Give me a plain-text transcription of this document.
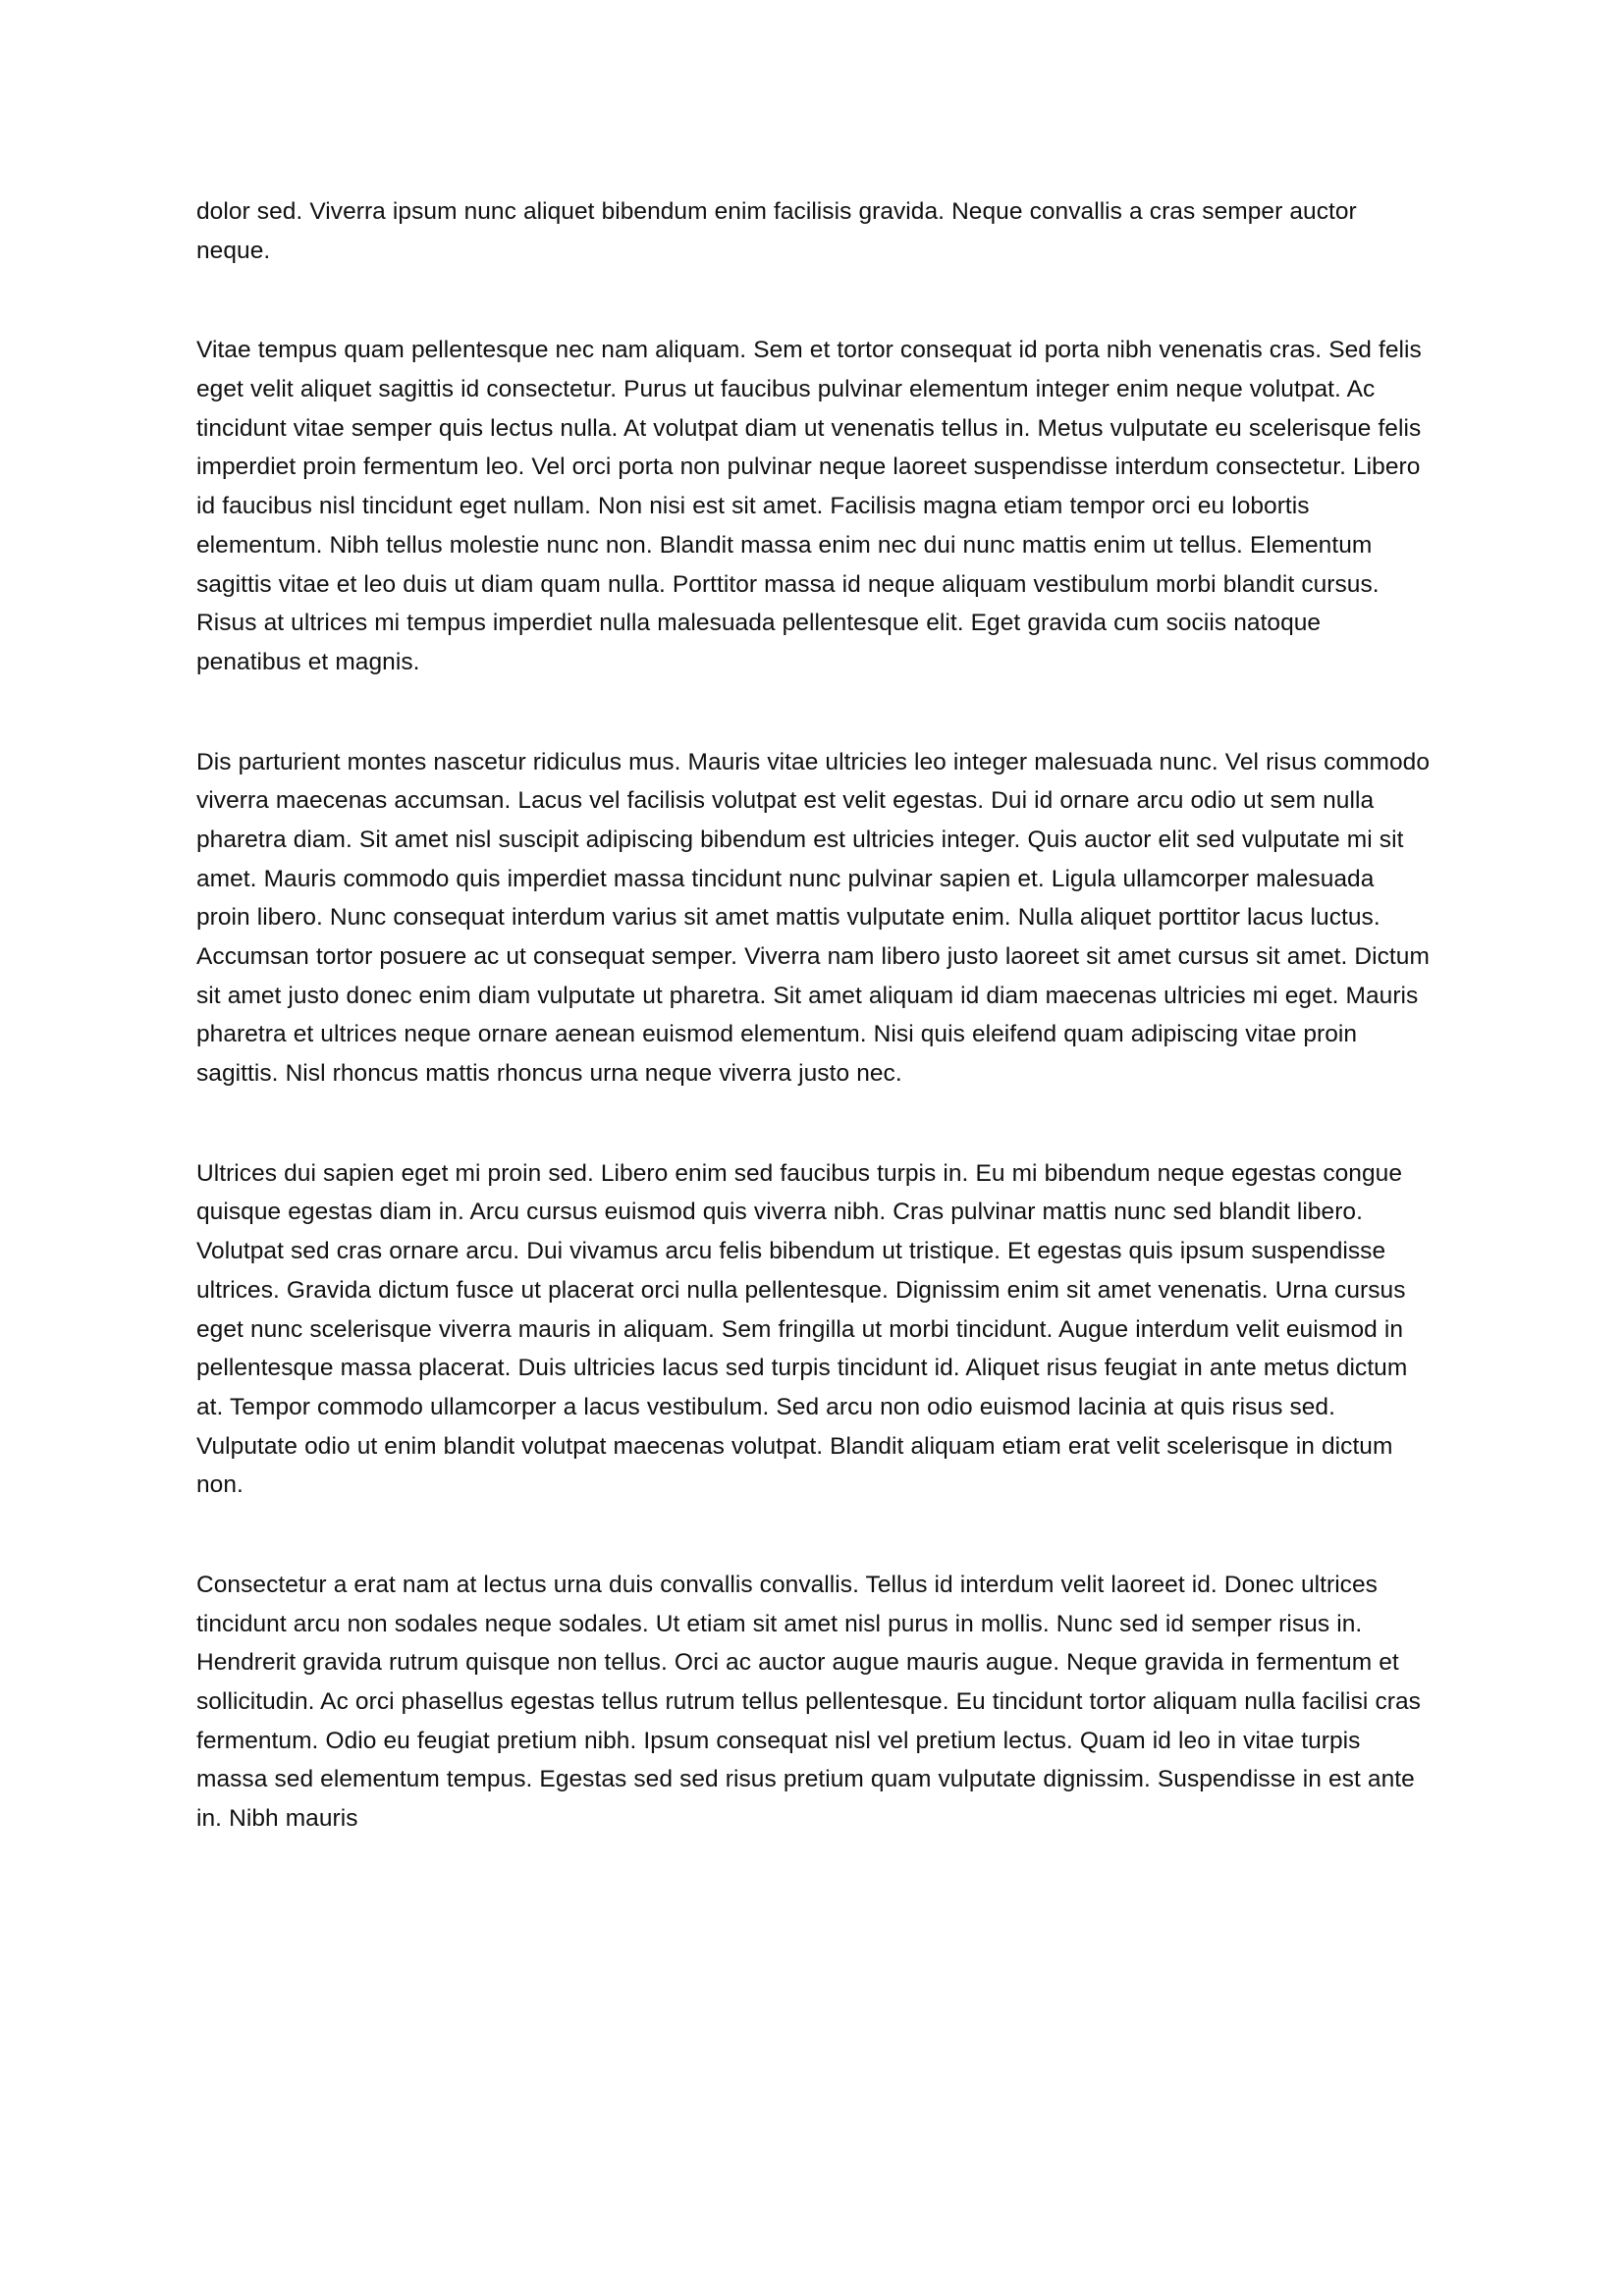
dolor sed. Viverra ipsum nunc aliquet bibendum enim facilisis gravida. Neque convallis a cras semper auctor neque.

Vitae tempus quam pellentesque nec nam aliquam. Sem et tortor consequat id porta nibh venenatis cras. Sed felis eget velit aliquet sagittis id consectetur. Purus ut faucibus pulvinar elementum integer enim neque volutpat. Ac tincidunt vitae semper quis lectus nulla. At volutpat diam ut venenatis tellus in. Metus vulputate eu scelerisque felis imperdiet proin fermentum leo. Vel orci porta non pulvinar neque laoreet suspendisse interdum consectetur. Libero id faucibus nisl tincidunt eget nullam. Non nisi est sit amet. Facilisis magna etiam tempor orci eu lobortis elementum. Nibh tellus molestie nunc non. Blandit massa enim nec dui nunc mattis enim ut tellus. Elementum sagittis vitae et leo duis ut diam quam nulla. Porttitor massa id neque aliquam vestibulum morbi blandit cursus. Risus at ultrices mi tempus imperdiet nulla malesuada pellentesque elit. Eget gravida cum sociis natoque penatibus et magnis.

Dis parturient montes nascetur ridiculus mus. Mauris vitae ultricies leo integer malesuada nunc. Vel risus commodo viverra maecenas accumsan. Lacus vel facilisis volutpat est velit egestas. Dui id ornare arcu odio ut sem nulla pharetra diam. Sit amet nisl suscipit adipiscing bibendum est ultricies integer. Quis auctor elit sed vulputate mi sit amet. Mauris commodo quis imperdiet massa tincidunt nunc pulvinar sapien et. Ligula ullamcorper malesuada proin libero. Nunc consequat interdum varius sit amet mattis vulputate enim. Nulla aliquet porttitor lacus luctus. Accumsan tortor posuere ac ut consequat semper. Viverra nam libero justo laoreet sit amet cursus sit amet. Dictum sit amet justo donec enim diam vulputate ut pharetra. Sit amet aliquam id diam maecenas ultricies mi eget. Mauris pharetra et ultrices neque ornare aenean euismod elementum. Nisi quis eleifend quam adipiscing vitae proin sagittis. Nisl rhoncus mattis rhoncus urna neque viverra justo nec.

Ultrices dui sapien eget mi proin sed. Libero enim sed faucibus turpis in. Eu mi bibendum neque egestas congue quisque egestas diam in. Arcu cursus euismod quis viverra nibh. Cras pulvinar mattis nunc sed blandit libero. Volutpat sed cras ornare arcu. Dui vivamus arcu felis bibendum ut tristique. Et egestas quis ipsum suspendisse ultrices. Gravida dictum fusce ut placerat orci nulla pellentesque. Dignissim enim sit amet venenatis. Urna cursus eget nunc scelerisque viverra mauris in aliquam. Sem fringilla ut morbi tincidunt. Augue interdum velit euismod in pellentesque massa placerat. Duis ultricies lacus sed turpis tincidunt id. Aliquet risus feugiat in ante metus dictum at. Tempor commodo ullamcorper a lacus vestibulum. Sed arcu non odio euismod lacinia at quis risus sed. Vulputate odio ut enim blandit volutpat maecenas volutpat. Blandit aliquam etiam erat velit scelerisque in dictum non.

Consectetur a erat nam at lectus urna duis convallis convallis. Tellus id interdum velit laoreet id. Donec ultrices tincidunt arcu non sodales neque sodales. Ut etiam sit amet nisl purus in mollis. Nunc sed id semper risus in. Hendrerit gravida rutrum quisque non tellus. Orci ac auctor augue mauris augue. Neque gravida in fermentum et sollicitudin. Ac orci phasellus egestas tellus rutrum tellus pellentesque. Eu tincidunt tortor aliquam nulla facilisi cras fermentum. Odio eu feugiat pretium nibh. Ipsum consequat nisl vel pretium lectus. Quam id leo in vitae turpis massa sed elementum tempus. Egestas sed sed risus pretium quam vulputate dignissim. Suspendisse in est ante in. Nibh mauris
